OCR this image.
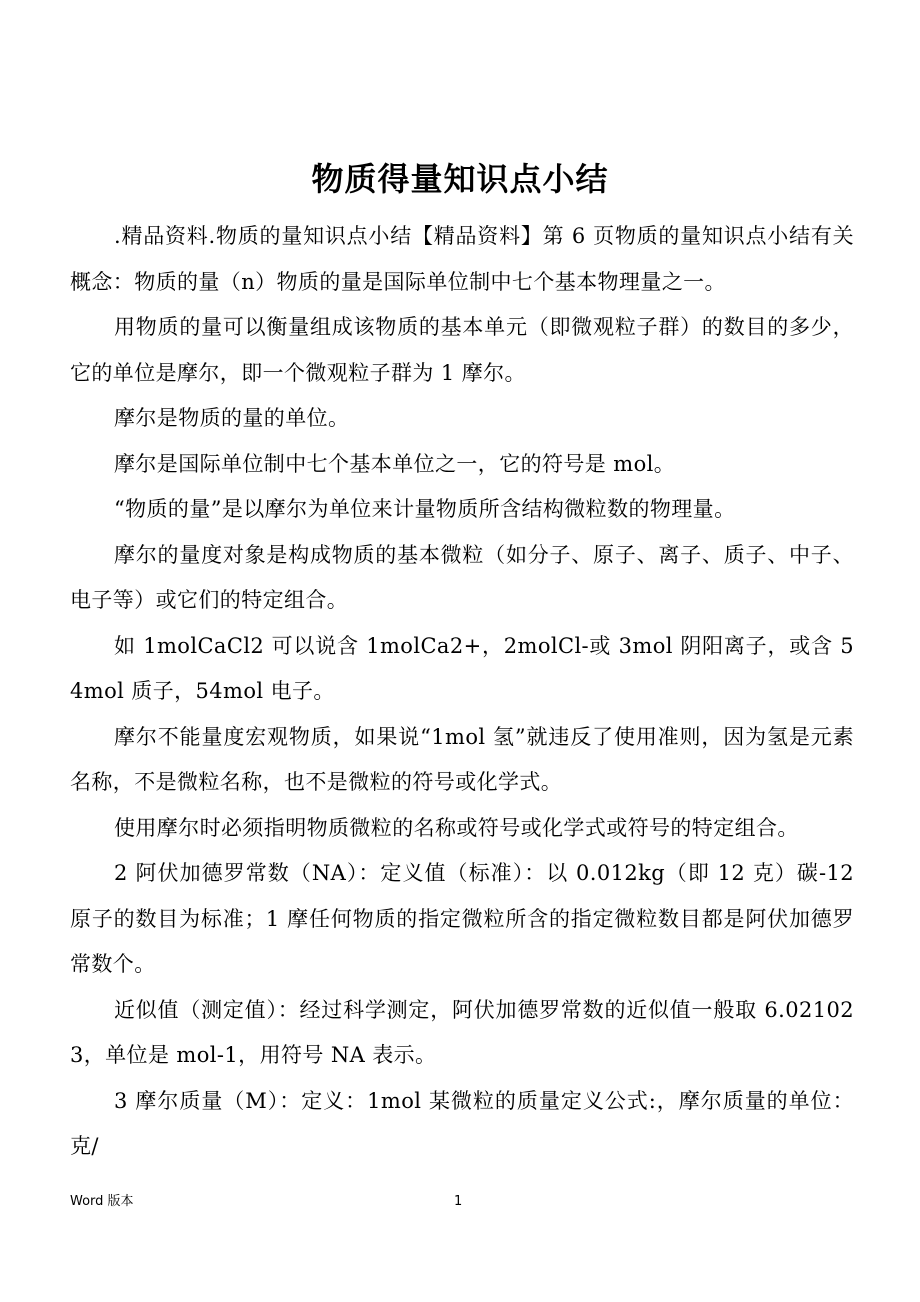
物质得量知识点小结

.精品资料.物质的量知识点小结【精品资料】第 6 页物质的量知识点小结有关概念：物质的量（n）物质的量是国际单位制中七个基本物理量之一。

用物质的量可以衡量组成该物质的基本单元（即微观粒子群）的数目的多少，它的单位是摩尔，即一个微观粒子群为 1 摩尔。

摩尔是物质的量的单位。

摩尔是国际单位制中七个基本单位之一，它的符号是 mol。

“物质的量”是以摩尔为单位来计量物质所含结构微粒数的物理量。

摩尔的量度对象是构成物质的基本微粒（如分子、原子、离子、质子、中子、电子等）或它们的特定组合。

如 1molCaCl2 可以说含 1molCa2+，2molCl-或 3mol 阴阳离子，或含 54mol 质子，54mol 电子。

摩尔不能量度宏观物质，如果说“1mol 氢”就违反了使用准则，因为氢是元素名称，不是微粒名称，也不是微粒的符号或化学式。

使用摩尔时必须指明物质微粒的名称或符号或化学式或符号的特定组合。

2 阿伏加德罗常数（NA）：定义值（标准）：以 0.012kg（即 12 克）碳-12 原子的数目为标准；1 摩任何物质的指定微粒所含的指定微粒数目都是阿伏加德罗常数个。

近似值（测定值）：经过科学测定，阿伏加德罗常数的近似值一般取 6.021023，单位是 mol-1，用符号 NA 表示。

3 摩尔质量（M）：定义：1mol 某微粒的质量定义公式:，摩尔质量的单位：克/

Word 版本	1
